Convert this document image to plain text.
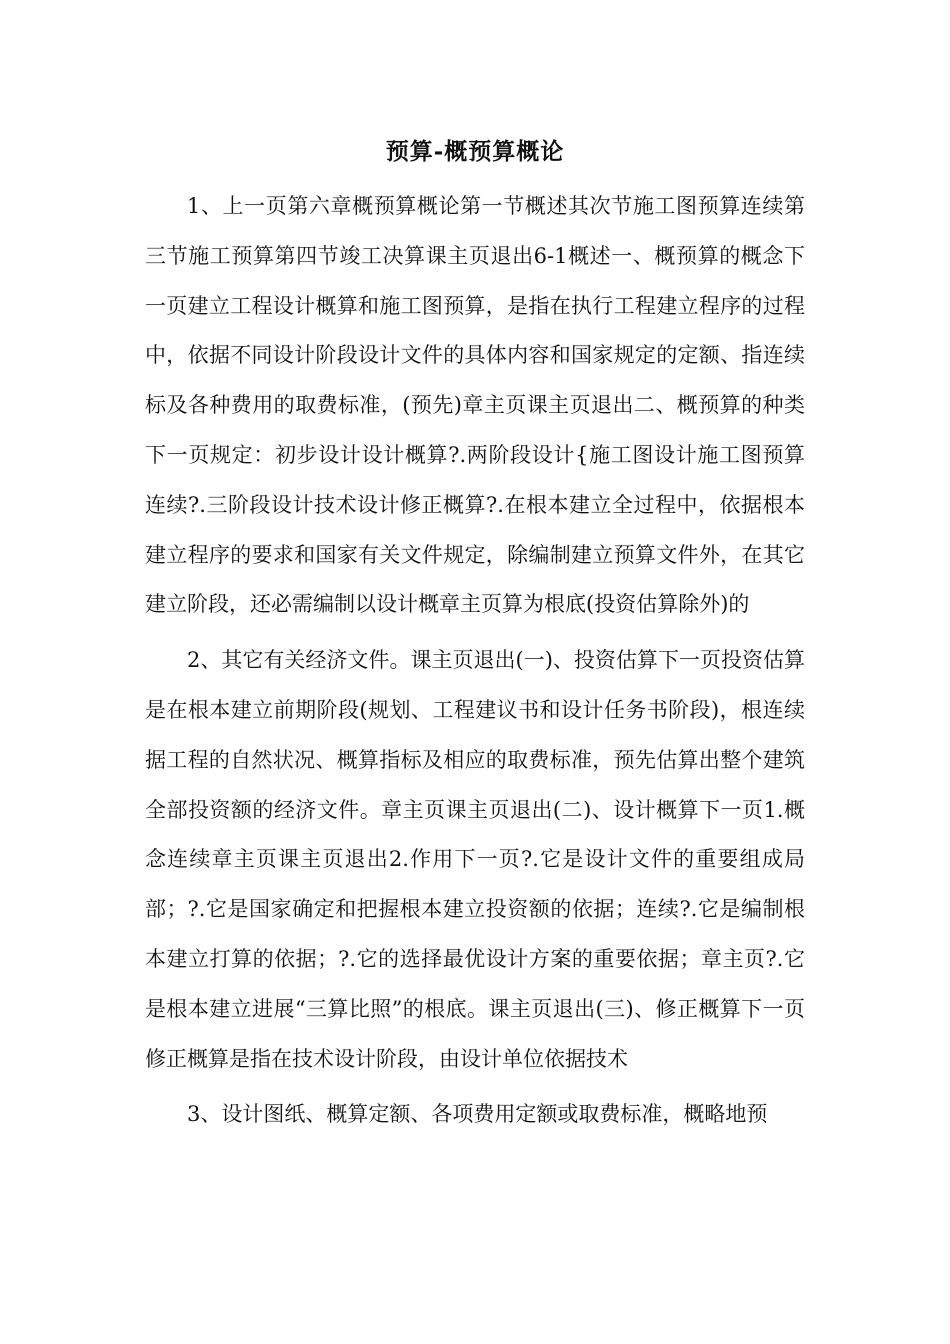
预算-概预算概论

1、上一页第六章概预算概论第一节概述其次节施工图预算连续第三节施工预算第四节竣工决算课主页退出6-1概述一、概预算的概念下一页建立工程设计概算和施工图预算，是指在执行工程建立程序的过程中，依据不同设计阶段设计文件的具体内容和国家规定的定额、指连续标及各种费用的取费标准，(预先)章主页课主页退出二、概预算的种类下一页规定：初步设计设计概算?.两阶段设计{施工图设计施工图预算连续?.三阶段设计技术设计修正概算?.在根本建立全过程中，依据根本建立程序的要求和国家有关文件规定，除编制建立预算文件外，在其它建立阶段，还必需编制以设计概章主页算为根底(投资估算除外)的

2、其它有关经济文件。课主页退出(一)、投资估算下一页投资估算是在根本建立前期阶段(规划、工程建议书和设计任务书阶段)，根连续据工程的自然状况、概算指标及相应的取费标准，预先估算出整个建筑全部投资额的经济文件。章主页课主页退出(二)、设计概算下一页1.概念连续章主页课主页退出2.作用下一页?.它是设计文件的重要组成局部；?.它是国家确定和把握根本建立投资额的依据；连续?.它是编制根本建立打算的依据；?.它的选择最优设计方案的重要依据；章主页?.它是根本建立进展“三算比照”的根底。课主页退出(三)、修正概算下一页修正概算是指在技术设计阶段，由设计单位依据技术

3、设计图纸、概算定额、各项费用定额或取费标准，概略地预
